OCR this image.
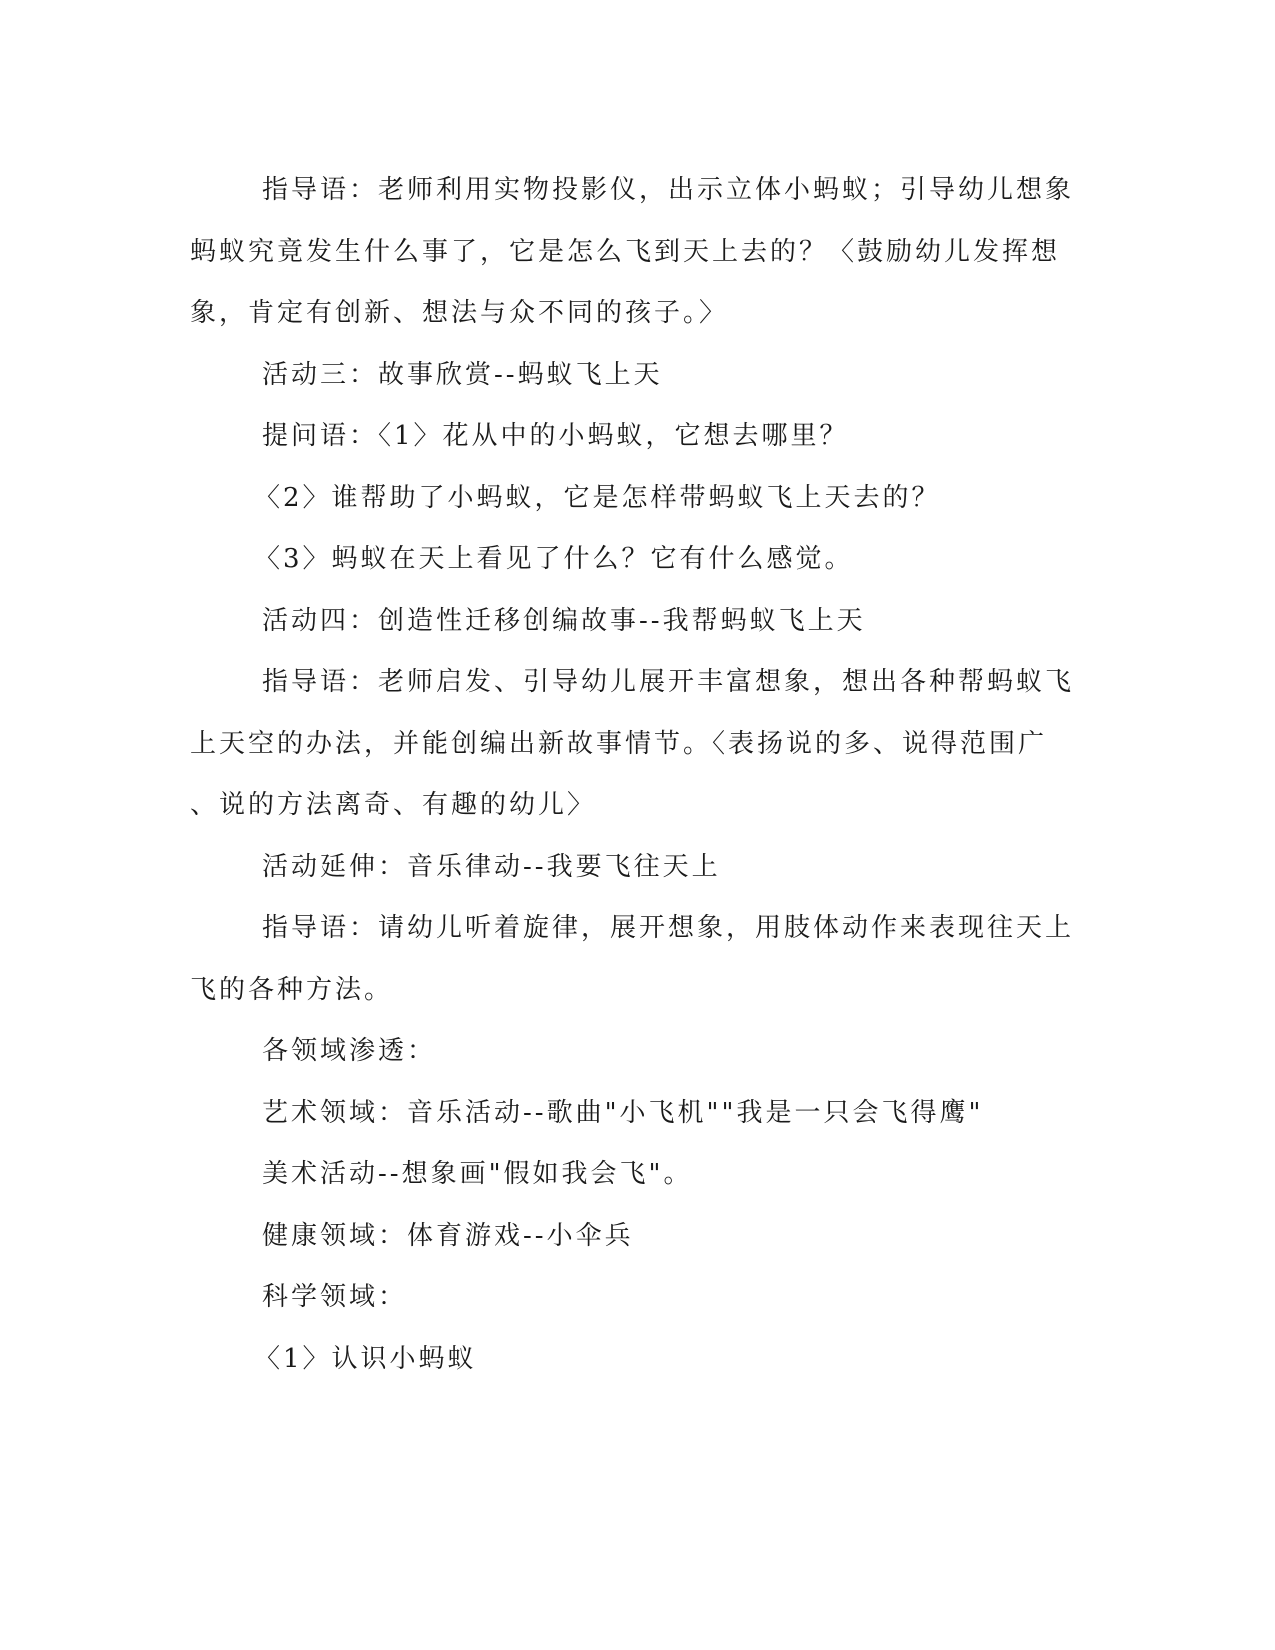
指导语：老师利用实物投影仪，出示立体小蚂蚁；引导幼儿想象
蚂蚁究竟发生什么事了，它是怎么飞到天上去的？〈鼓励幼儿发挥想
象，肯定有创新、想法与众不同的孩子。〉
活动三：故事欣赏--蚂蚁飞上天
提问语：〈1〉花从中的小蚂蚁，它想去哪里？
〈2〉谁帮助了小蚂蚁，它是怎样带蚂蚁飞上天去的？
〈3〉蚂蚁在天上看见了什么？它有什么感觉。
活动四：创造性迁移创编故事--我帮蚂蚁飞上天
指导语：老师启发、引导幼儿展开丰富想象，想出各种帮蚂蚁飞
上天空的办法，并能创编出新故事情节。〈表扬说的多、说得范围广
、说的方法离奇、有趣的幼儿〉
活动延伸：音乐律动--我要飞往天上
指导语：请幼儿听着旋律，展开想象，用肢体动作来表现往天上
飞的各种方法。
各领域渗透：
艺术领域：音乐活动--歌曲"小飞机""我是一只会飞得鹰"
美术活动--想象画"假如我会飞"。
健康领域：体育游戏--小伞兵
科学领域：
〈1〉认识小蚂蚁
